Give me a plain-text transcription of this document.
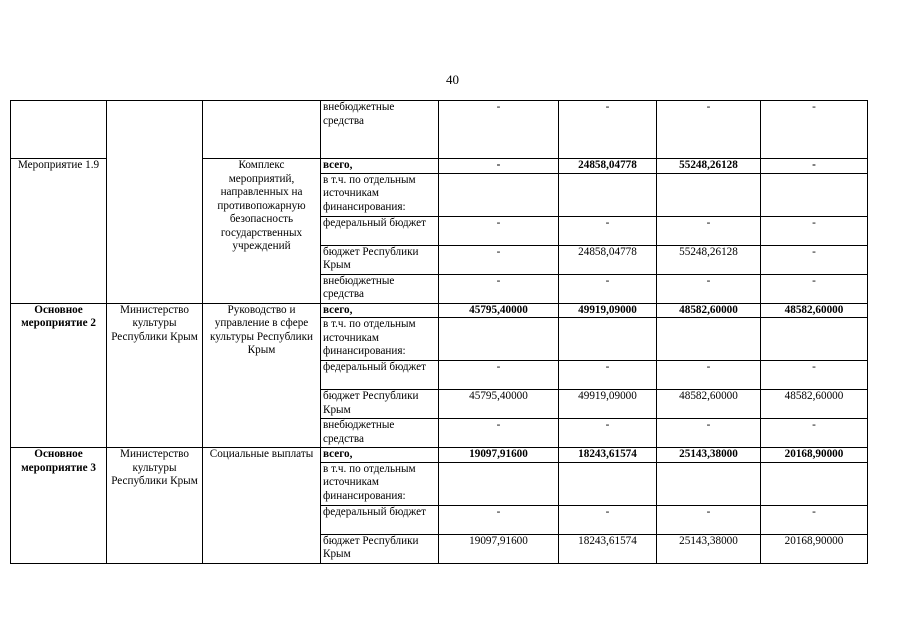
40
			внебюджетные средства	-	-	-	-
Мероприятие 1.9		Комплекс мероприятий, направленных на противопожарную безопасность государственных учреждений	всего,	-	24858,04778	55248,26128	-
			в т.ч. по отдельным источникам финансирования:				
			федеральный бюджет	-	-	-	-
			бюджет Республики Крым	-	24858,04778	55248,26128	-
			внебюджетные средства	-	-	-	-
Основное мероприятие 2	Министерство культуры Республики Крым	Руководство и управление в сфере культуры Республики Крым	всего,	45795,40000	49919,09000	48582,60000	48582,60000
			в т.ч. по отдельным источникам финансирования:				
			федеральный бюджет	-	-	-	-
			бюджет Республики Крым	45795,40000	49919,09000	48582,60000	48582,60000
			внебюджетные средства	-	-	-	-
Основное мероприятие 3	Министерство культуры Республики Крым	Социальные выплаты	всего,	19097,91600	18243,61574	25143,38000	20168,90000
			в т.ч. по отдельным источникам финансирования:				
			федеральный бюджет	-	-	-	-
			бюджет Республики Крым	19097,91600	18243,61574	25143,38000	20168,90000
